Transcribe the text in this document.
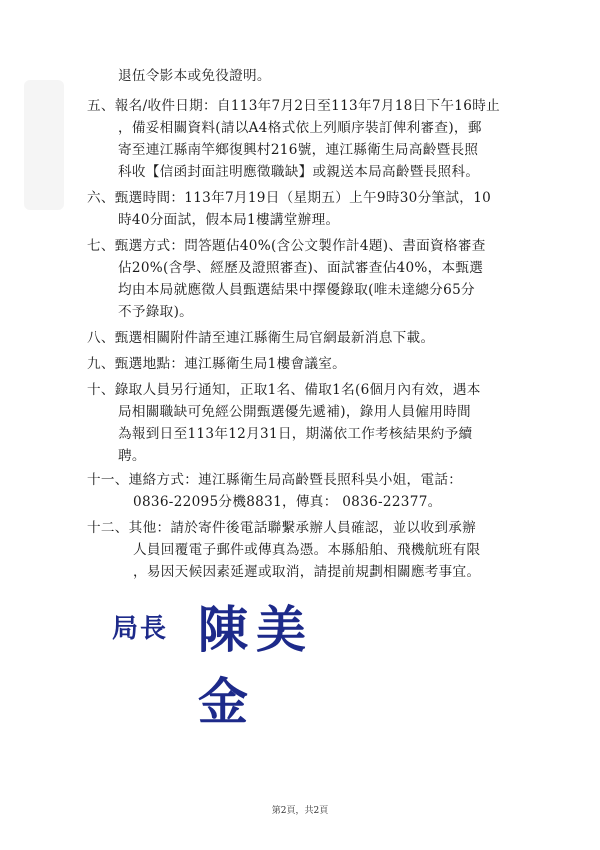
退伍令影本或免役證明。
五、報名/收件日期：自113年7月2日至113年7月18日下午16時止
，備妥相關資料(請以A4格式依上列順序裝訂俾利審查)，郵
寄至連江縣南竿鄉復興村216號，連江縣衛生局高齡暨長照
科收【信函封面註明應徵職缺】或親送本局高齡暨長照科。
六、甄選時間：113年7月19日（星期五）上午9時30分筆試，10
時40分面試，假本局1樓講堂辦理。
七、甄選方式：問答題佔40%(含公文製作計4題)、書面資格審查
佔20%(含學、經歷及證照審查)、面試審查佔40%，本甄選
均由本局就應徵人員甄選結果中擇優錄取(唯未達總分65分
不予錄取)。
八、甄選相關附件請至連江縣衛生局官網最新消息下載。
九、甄選地點：連江縣衛生局1樓會議室。
十、錄取人員另行通知，正取1名、備取1名(6個月內有效，遇本
局相關職缺可免經公開甄選優先遞補)，錄用人員僱用時間
為報到日至113年12月31日，期滿依工作考核結果約予續
聘。
十一、連絡方式：連江縣衛生局高齡暨長照科吳小姐，電話：
0836-22095分機8831，傳真： 0836-22377。
十二、其他：請於寄件後電話聯繫承辦人員確認，並以收到承辦
人員回覆電子郵件或傳真為憑。本縣船舶、飛機航班有限
，易因天候因素延遲或取消，請提前規劃相關應考事宜。
局長 陳美金
第2頁，共2頁
